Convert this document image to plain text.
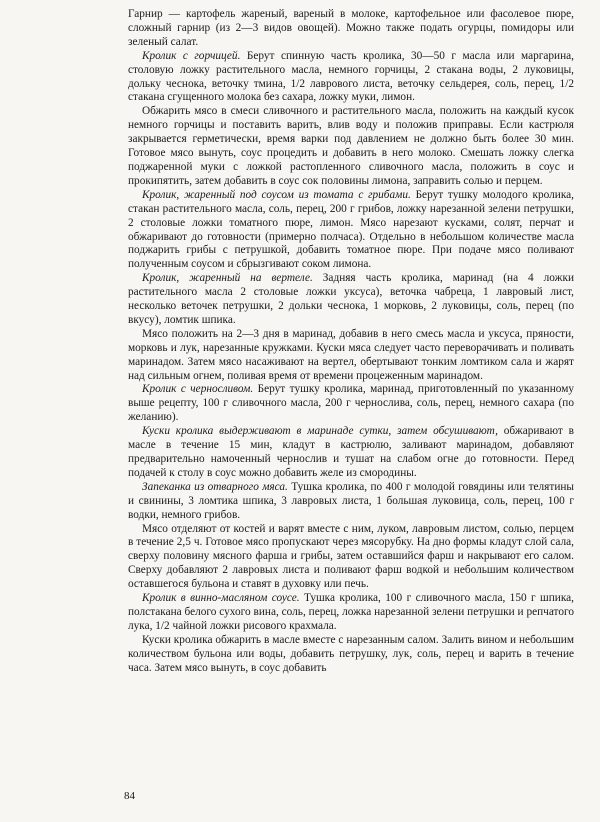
Гарнир — картофель жареный, вареный в молоке, картофельное или фасолевое пюре, сложный гарнир (из 2—3 видов овощей). Можно также подать огурцы, помидоры или зеленый салат.

Кролик с горчицей. Берут спинную часть кролика, 30—50 г масла или маргарина, столовую ложку растительного масла, немного горчицы, 2 стакана воды, 2 луковицы, дольку чеснока, веточку тмина, 1/2 лаврового листа, веточку сельдерея, соль, перец, 1/2 стакана сгущенного молока без сахара, ложку муки, лимон.

Обжарить мясо в смеси сливочного и растительного масла, положить на каждый кусок немного горчицы и поставить варить, влив воду и положив приправы. Если кастрюля закрывается герметически, время варки под давлением не должно быть более 30 мин. Готовое мясо вынуть, соус процедить и добавить в него молоко. Смешать ложку слегка поджаренной муки с ложкой растопленного сливочного масла, положить в соус и прокипятить, затем добавить в соус сок половины лимона, заправить солью и перцем.

Кролик, жаренный под соусом из томата с грибами. Берут тушку молодого кролика, стакан растительного масла, соль, перец, 200 г грибов, ложку нарезанной зелени петрушки, 2 столовые ложки томатного пюре, лимон. Мясо нарезают кусками, солят, перчат и обжаривают до готовности (примерно полчаса). Отдельно в небольшом количестве масла поджарить грибы с петрушкой, добавить томатное пюре. При подаче мясо поливают полученным соусом и сбрызгивают соком лимона.

Кролик, жаренный на вертеле. Задняя часть кролика, маринад (на 4 ложки растительного масла 2 столовые ложки уксуса), веточка чабреца, 1 лавровый лист, несколько веточек петрушки, 2 дольки чеснока, 1 морковь, 2 луковицы, соль, перец (по вкусу), ломтик шпика.

Мясо положить на 2—3 дня в маринад, добавив в него смесь масла и уксуса, пряности, морковь и лук, нарезанные кружками. Куски мяса следует часто переворачивать и поливать маринадом. Затем мясо насаживают на вертел, обертывают тонким ломтиком сала и жарят над сильным огнем, поливая время от времени процеженным маринадом.

Кролик с черносливом. Берут тушку кролика, маринад, приготовленный по указанному выше рецепту, 100 г сливочного масла, 200 г чернослива, соль, перец, немного сахара (по желанию).

Куски кролика выдерживают в маринаде сутки, затем обсушивают, обжаривают в масле в течение 15 мин, кладут в кастрюлю, заливают маринадом, добавляют предварительно намоченный чернослив и тушат на слабом огне до готовности. Перед подачей к столу в соус можно добавить желе из смородины.

Запеканка из отварного мяса. Тушка кролика, по 400 г молодой говядины или телятины и свинины, 3 ломтика шпика, 3 лавровых листа, 1 большая луковица, соль, перец, 100 г водки, немного грибов.

Мясо отделяют от костей и варят вместе с ним, луком, лавровым листом, солью, перцем в течение 2,5 ч. Готовое мясо пропускают через мясорубку. На дно формы кладут слой сала, сверху половину мясного фарша и грибы, затем оставшийся фарш и накрывают его салом. Сверху добавляют 2 лавровых листа и поливают фарш водкой и небольшим количеством оставшегося бульона и ставят в духовку или печь.

Кролик в винно-масляном соусе. Тушка кролика, 100 г сливочного масла, 150 г шпика, полстакана белого сухого вина, соль, перец, ложка нарезанной зелени петрушки и репчатого лука, 1/2 чайной ложки рисового крахмала.

Куски кролика обжарить в масле вместе с нарезанным салом. Залить вином и небольшим количеством бульона или воды, добавить петрушку, лук, соль, перец и варить в течение часа. Затем мясо вынуть, в соус добавить

84
